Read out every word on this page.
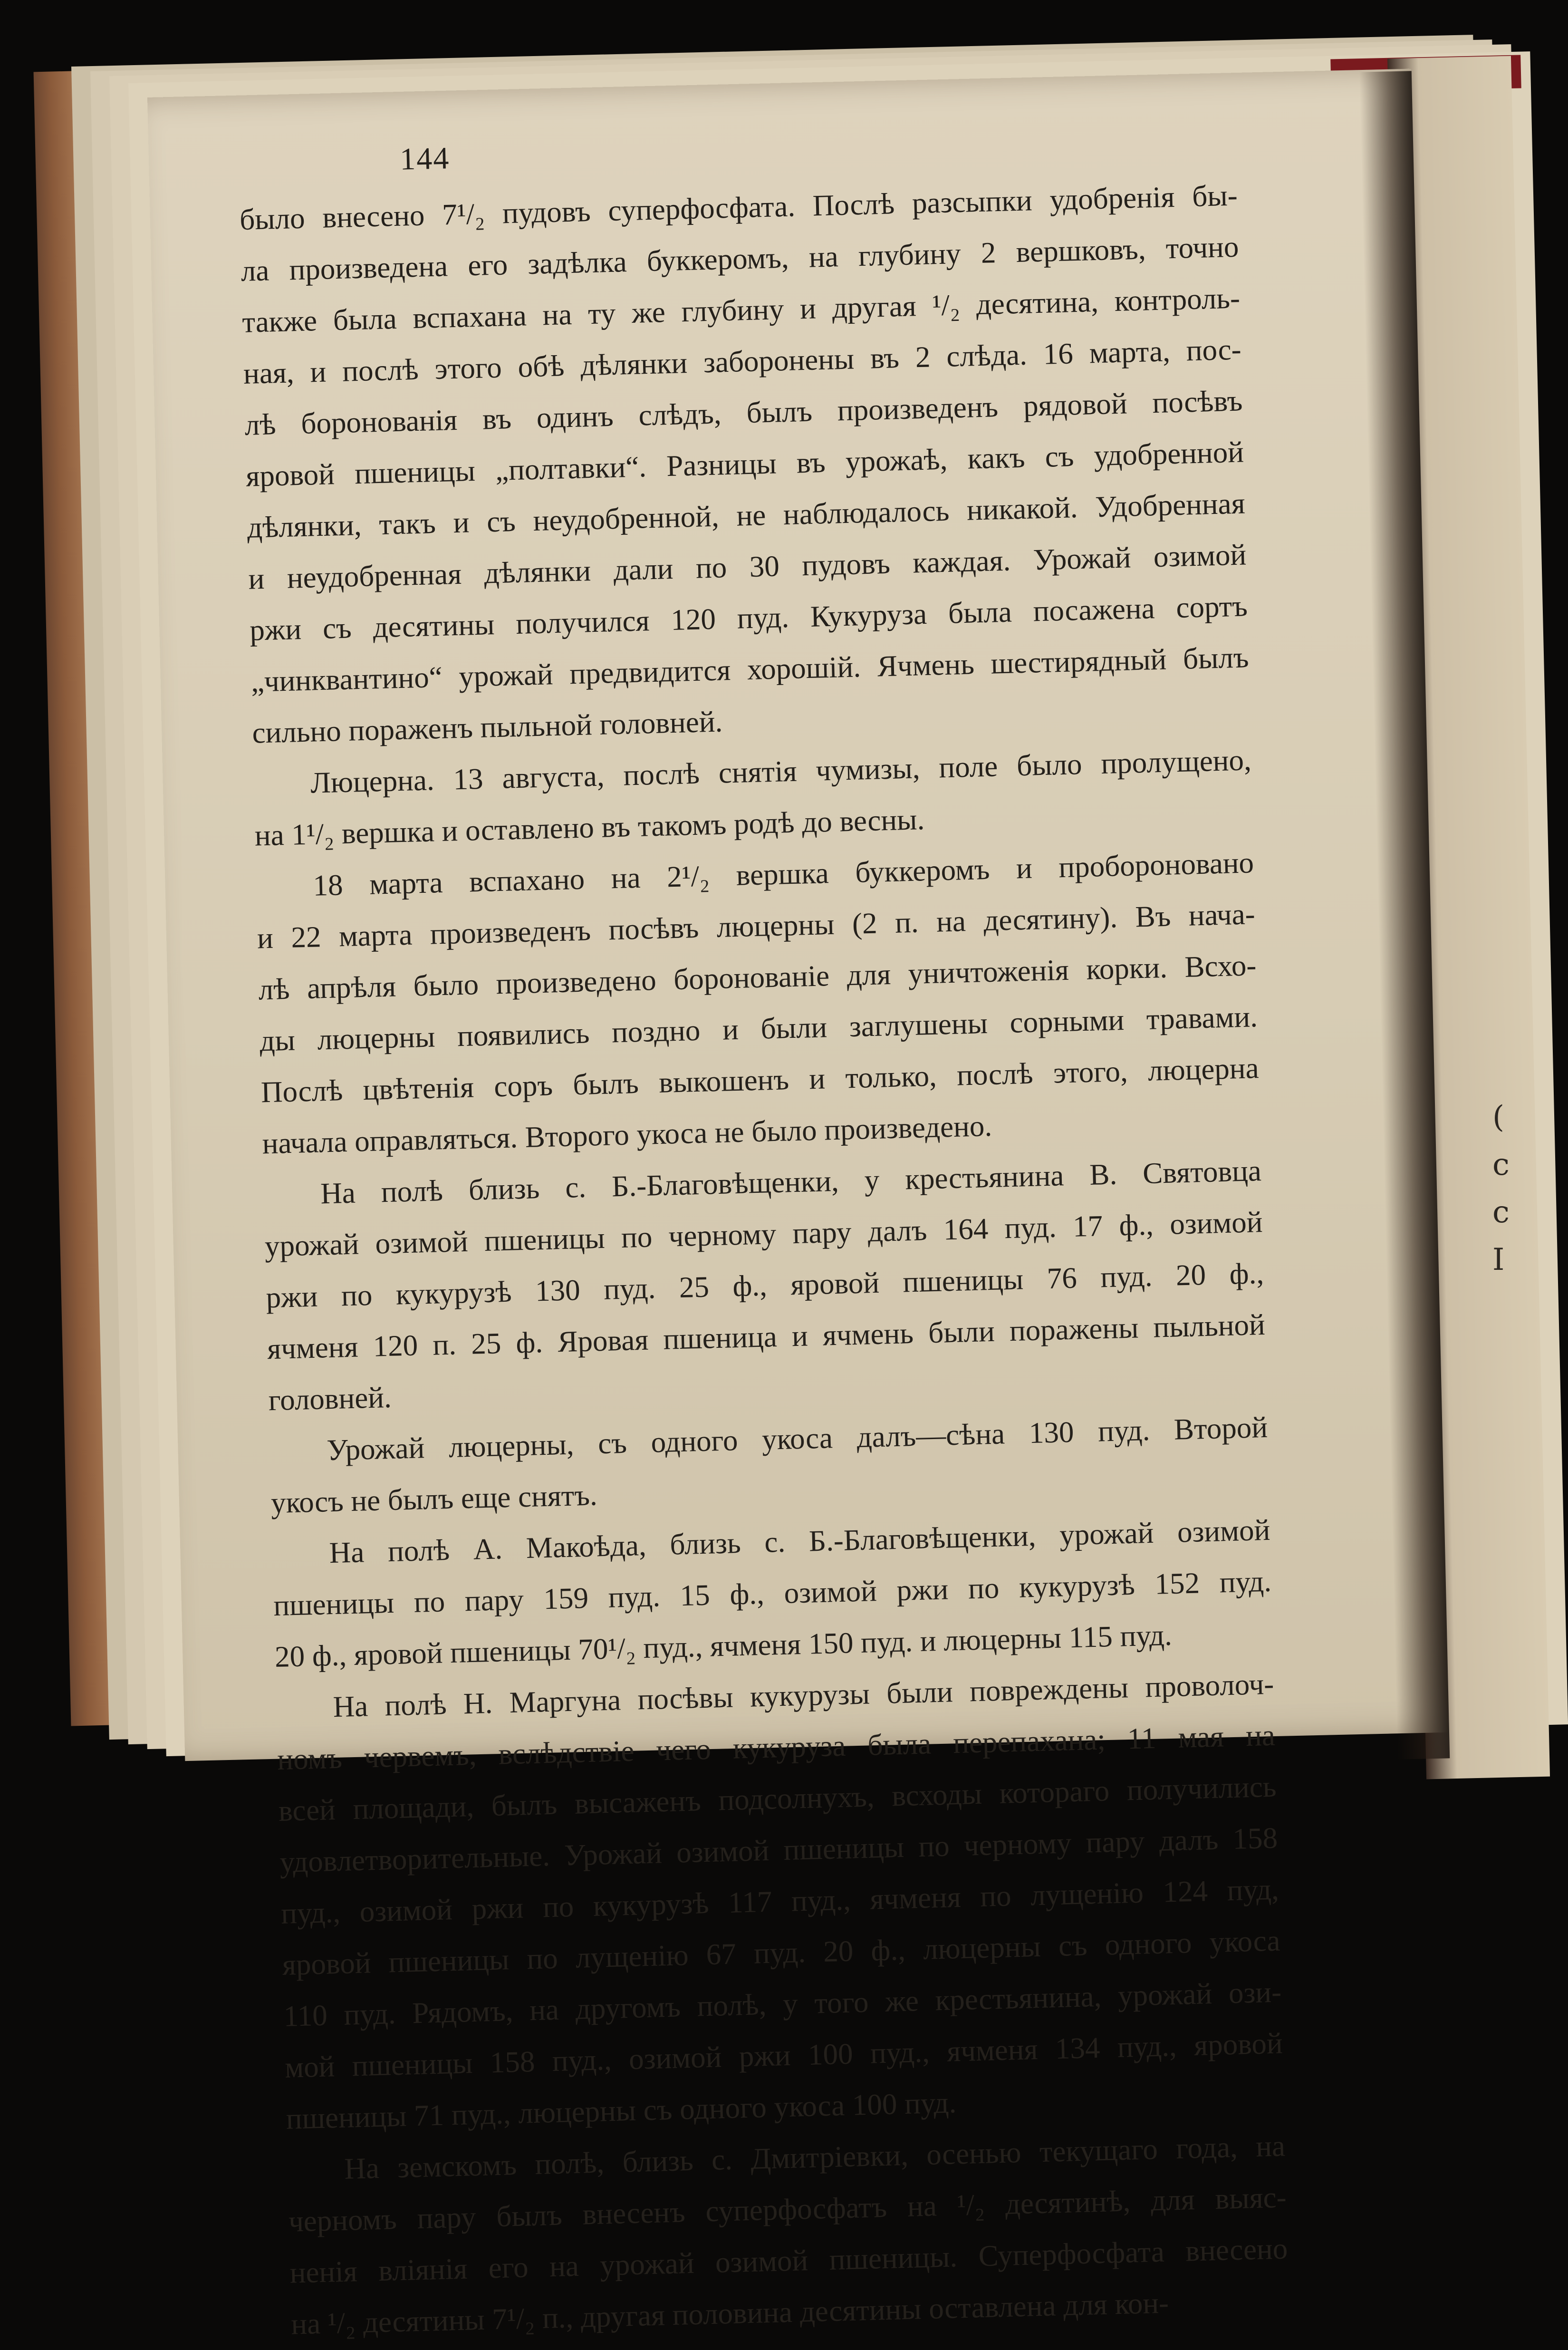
(
с
с
І
144

было внесено 7¹/₂ пудовъ суперфосфата. Послѣ разсыпки удобренія бы-

ла произведена его задѣлка буккеромъ, на глубину 2 вершковъ, точно

также была вспахана на ту же глубину и другая ¹/₂ десятина, контроль-

ная, и послѣ этого обѣ дѣлянки заборонены въ 2 слѣда. 16 марта, пос-

лѣ боронованія въ одинъ слѣдъ, былъ произведенъ рядовой посѣвъ

яровой пшеницы „полтавки“. Разницы въ урожаѣ, какъ съ удобренной

дѣлянки, такъ и съ неудобренной, не наблюдалось никакой. Удобренная

и неудобренная дѣлянки дали по 30 пудовъ каждая. Урожай озимой

ржи съ десятины получился 120 пуд. Кукуруза была посажена сортъ

„чинквантино“ урожай предвидится хорошій. Ячмень шестирядный былъ

сильно пораженъ пыльной головней.

Люцерна. 13 августа, послѣ снятія чумизы, поле было пролущено,

на 1¹/₂ вершка и оставлено въ такомъ родѣ до весны.

18 марта вспахано на 2¹/₂ вершка буккеромъ и пробороновано

и 22 марта произведенъ посѣвъ люцерны (2 п. на десятину). Въ нача-

лѣ апрѣля было произведено боронованіе для уничтоженія корки. Всхо-

ды люцерны появились поздно и были заглушены сорными травами.

Послѣ цвѣтенія соръ былъ выкошенъ и только, послѣ этого, люцерна

начала оправляться. Второго укоса не было произведено.

На полѣ близь с. Б.-Благовѣщенки, у крестьянина В. Святовца

урожай озимой пшеницы по черному пару далъ 164 пуд. 17 ф., озимой

ржи по кукурузѣ 130 пуд. 25 ф., яровой пшеницы 76 пуд. 20 ф.,

ячменя 120 п. 25 ф. Яровая пшеница и ячмень были поражены пыльной

головней.

Урожай люцерны, съ одного укоса далъ—сѣна 130 пуд. Второй

укосъ не былъ еще снятъ.

На полѣ А. Макоѣда, близь с. Б.-Благовѣщенки, урожай озимой

пшеницы по пару 159 пуд. 15 ф., озимой ржи по кукурузѣ 152 пуд.

20 ф., яровой пшеницы 70¹/₂ пуд., ячменя 150 пуд. и люцерны 115 пуд.

На полѣ Н. Маргуна посѣвы кукурузы были повреждены проволоч-

номъ червемъ, вслѣдствіе чего кукуруза была перепахана; 11 мая на

всей площади, былъ высаженъ подсолнухъ, всходы котораго получились

удовлетворительные. Урожай озимой пшеницы по черному пару далъ 158

пуд., озимой ржи по кукурузѣ 117 пуд., ячменя по лущенію 124 пуд,

яровой пшеницы по лущенію 67 пуд. 20 ф., люцерны съ одного укоса

110 пуд. Рядомъ, на другомъ полѣ, у того же крестьянина, урожай ози-

мой пшеницы 158 пуд., озимой ржи 100 пуд., ячменя 134 пуд., яровой

пшеницы 71 пуд., люцерны съ одного укоса 100 пуд.

На земскомъ полѣ, близь с. Дмитріевки, осенью текущаго года, на

черномъ пару былъ внесенъ суперфосфатъ на ¹/₂ десятинѣ, для выяс-

ненія вліянія его на урожай озимой пшеницы. Суперфосфата внесено

на ¹/₂ десятины 7¹/₂ п., другая половина десятины оставлена для кон-
